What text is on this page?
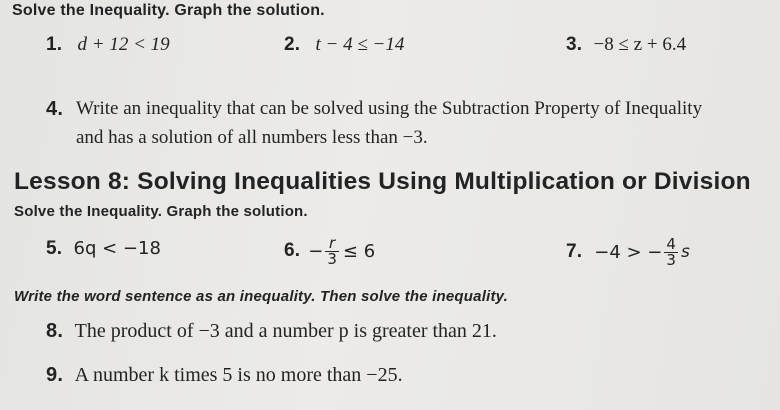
Solve the Inequality. Graph the solution.
1. d + 12 < 19	2. t − 4 ≤ −14	3. −8 ≤ z + 6.4
4. Write an inequality that can be solved using the Subtraction Property of Inequality
and has a solution of all numbers less than −3.
Lesson 8: Solving Inequalities Using Multiplication or Division
Solve the Inequality. Graph the solution.
5. 6q < −18	6. − $\frac{r}{3} \le 6$	7. −4 > − $\frac{4}{3}$ s
Write the word sentence as an inequality. Then solve the inequality.
8. The product of −3 and a number p is greater than 21.
9. A number k times 5 is no more than −25.
